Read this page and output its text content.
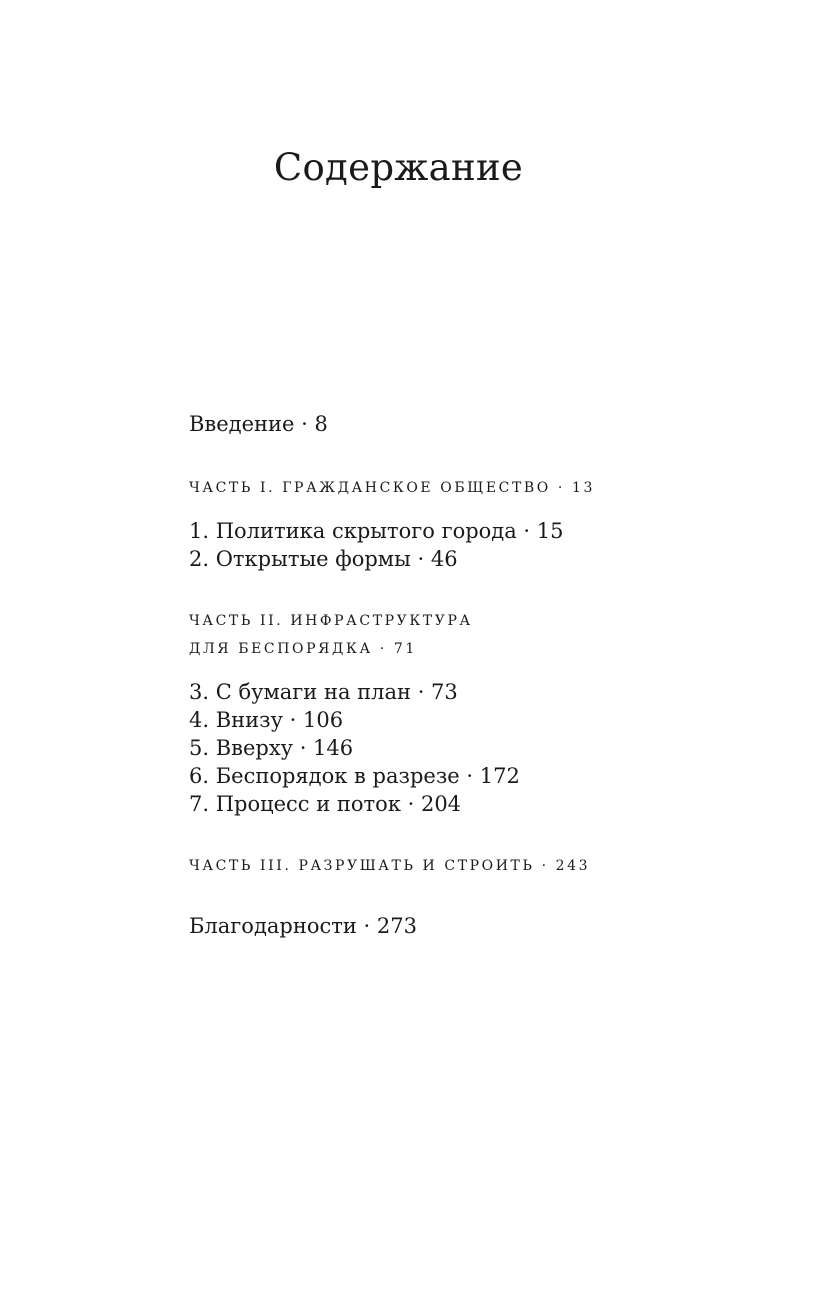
Содержание
Введение · 8
ЧАСТЬ I. ГРАЖДАНСКОЕ ОБЩЕСТВО · 13
1. Политика скрытого города · 15
2. Открытые формы · 46
ЧАСТЬ II. ИНФРАСТРУКТУРА
ДЛЯ БЕСПОРЯДКА · 71
3. С бумаги на план · 73
4. Внизу · 106
5. Вверху · 146
6. Беспорядок в разрезе · 172
7. Процесс и поток · 204
ЧАСТЬ III. РАЗРУШАТЬ И СТРОИТЬ · 243
Благодарности · 273
